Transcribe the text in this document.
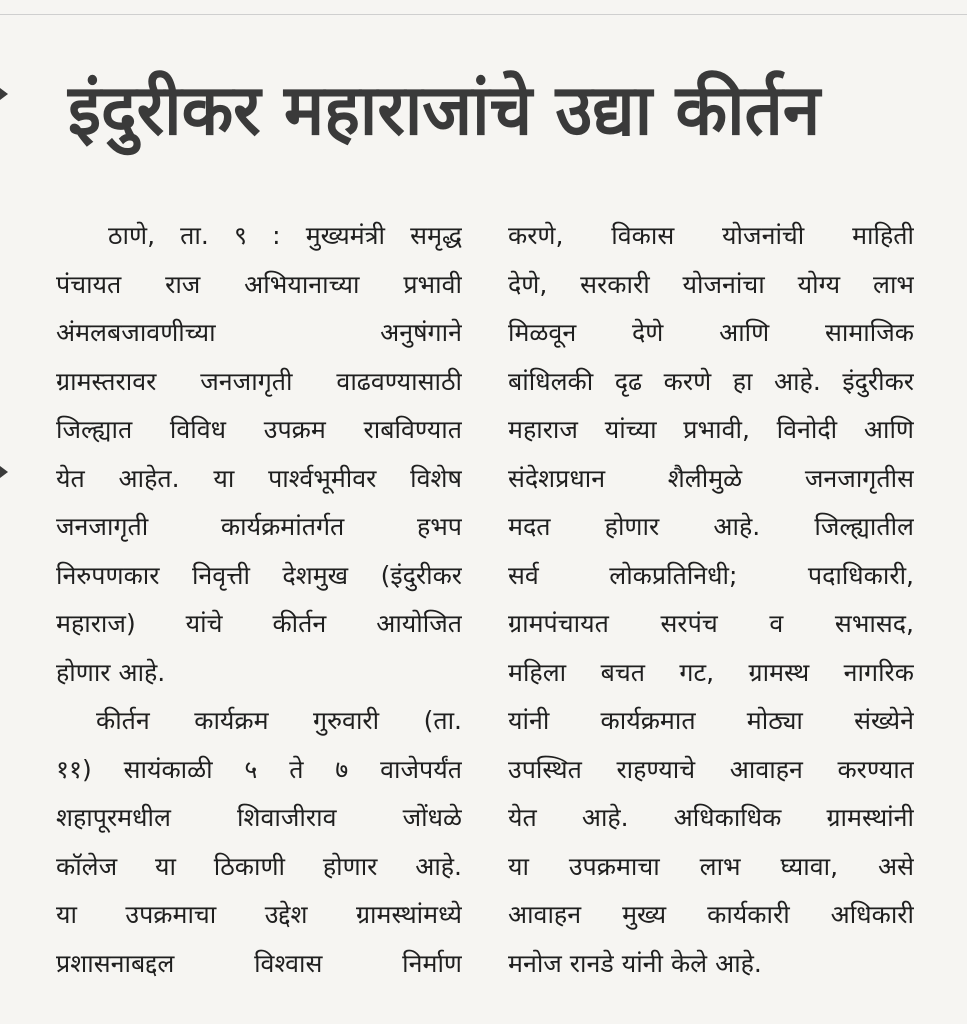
इंदुरीकर महाराजांचे उद्या कीर्तन
ठाणे, ता. ९ : मुख्यमंत्री समृद्ध
पंचायत राज अभियानाच्या प्रभावी
अंमलबजावणीच्या अनुषंगाने
ग्रामस्तरावर जनजागृती वाढवण्यासाठी
जिल्ह्यात विविध उपक्रम राबविण्यात
येत आहेत. या पार्श्वभूमीवर विशेष
जनजागृती कार्यक्रमांतर्गत हभप
निरुपणकार निवृत्ती देशमुख (इंदुरीकर
महाराज) यांचे कीर्तन आयोजित
होणार आहे.
कीर्तन कार्यक्रम गुरुवारी (ता.
११) सायंकाळी ५ ते ७ वाजेपर्यंत
शहापूरमधील शिवाजीराव जोंधळे
कॉलेज या ठिकाणी होणार आहे.
या उपक्रमाचा उद्देश ग्रामस्थांमध्ये
प्रशासनाबद्दल विश्वास निर्माण
करणे, विकास योजनांची माहिती
देणे, सरकारी योजनांचा योग्य लाभ
मिळवून देणे आणि सामाजिक
बांधिलकी दृढ करणे हा आहे. इंदुरीकर
महाराज यांच्या प्रभावी, विनोदी आणि
संदेशप्रधान शैलीमुळे जनजागृतीस
मदत होणार आहे. जिल्ह्यातील
सर्व लोकप्रतिनिधी; पदाधिकारी,
ग्रामपंचायत सरपंच व सभासद,
महिला बचत गट, ग्रामस्थ नागरिक
यांनी कार्यक्रमात मोठ्या संख्येने
उपस्थित राहण्याचे आवाहन करण्यात
येत आहे. अधिकाधिक ग्रामस्थांनी
या उपक्रमाचा लाभ घ्यावा, असे
आवाहन मुख्य कार्यकारी अधिकारी
मनोज रानडे यांनी केले आहे.
